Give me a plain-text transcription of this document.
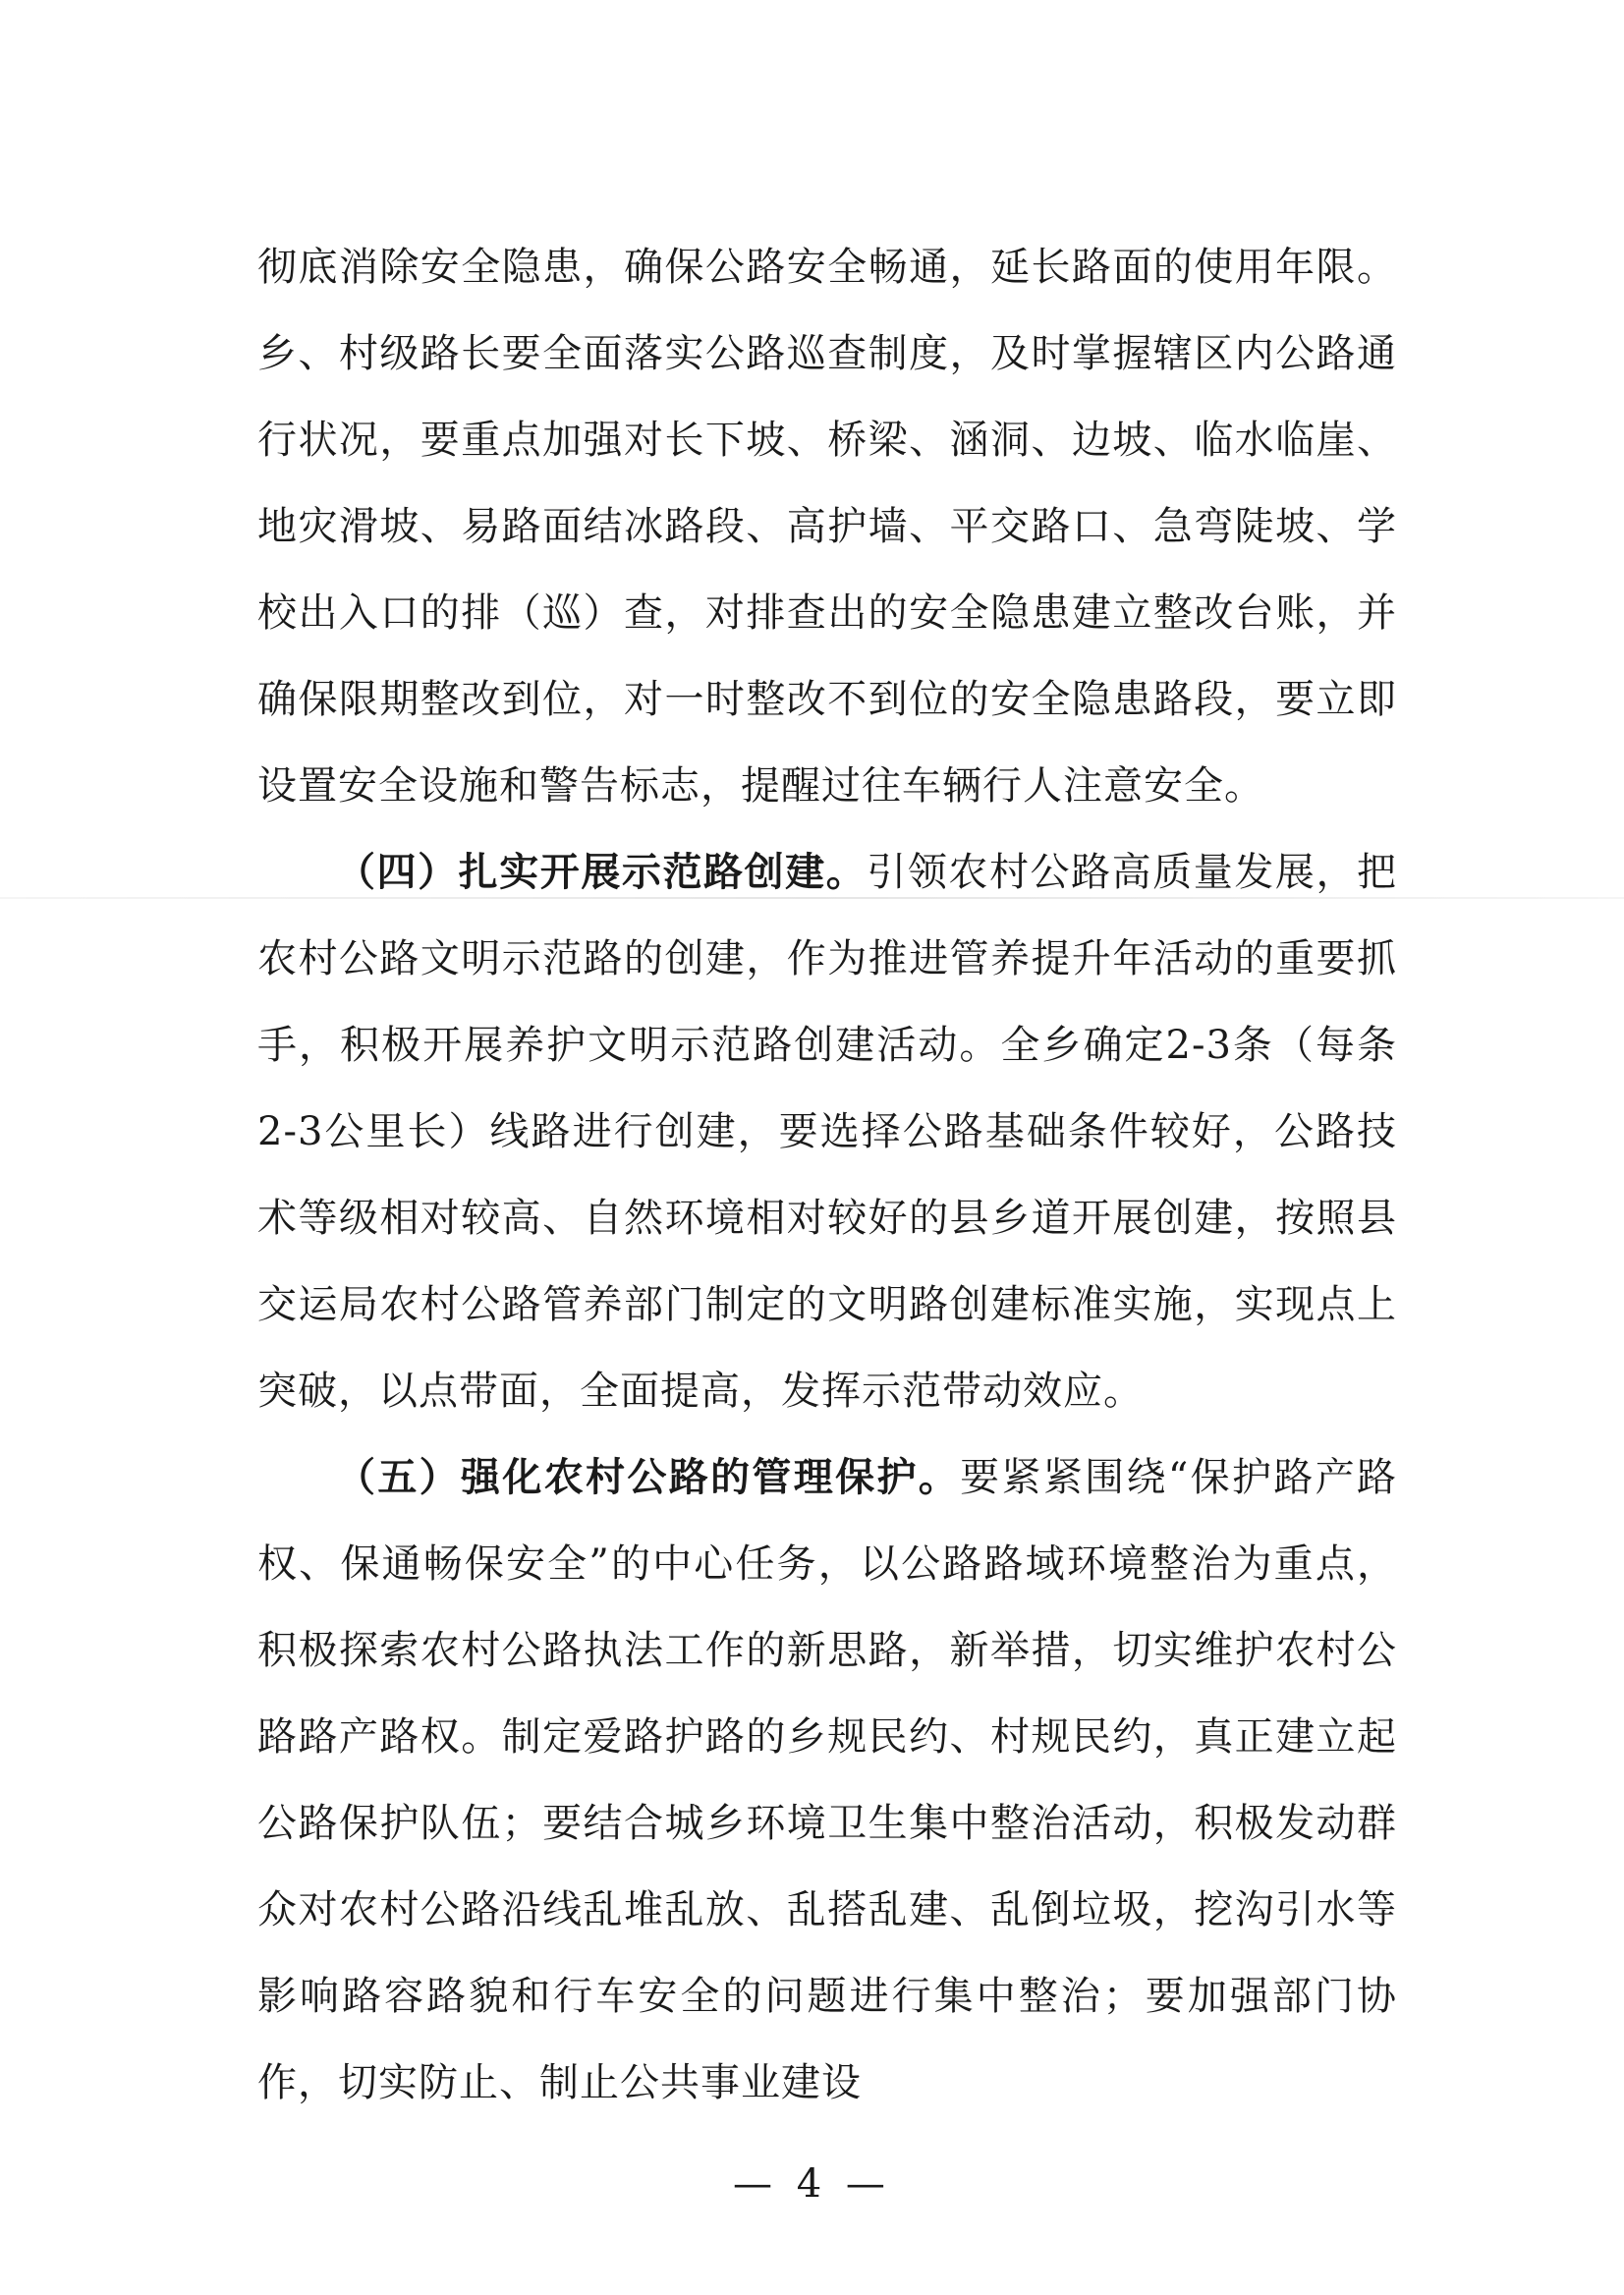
彻底消除安全隐患，确保公路安全畅通，延长路面的使用年限。乡、村级路长要全面落实公路巡查制度，及时掌握辖区内公路通行状况，要重点加强对长下坡、桥梁、涵洞、边坡、临水临崖、地灾滑坡、易路面结冰路段、高护墙、平交路口、急弯陡坡、学校出入口的排（巡）查，对排查出的安全隐患建立整改台账，并确保限期整改到位，对一时整改不到位的安全隐患路段，要立即设置安全设施和警告标志，提醒过往车辆行人注意安全。

（四）扎实开展示范路创建。引领农村公路高质量发展，把农村公路文明示范路的创建，作为推进管养提升年活动的重要抓手，积极开展养护文明示范路创建活动。全乡确定2-3条（每条2-3公里长）线路进行创建，要选择公路基础条件较好，公路技术等级相对较高、自然环境相对较好的县乡道开展创建，按照县交运局农村公路管养部门制定的文明路创建标准实施，实现点上突破，以点带面，全面提高，发挥示范带动效应。

（五）强化农村公路的管理保护。要紧紧围绕“保护路产路权、保通畅保安全”的中心任务，以公路路域环境整治为重点，积极探索农村公路执法工作的新思路，新举措，切实维护农村公路路产路权。制定爱路护路的乡规民约、村规民约，真正建立起公路保护队伍；要结合城乡环境卫生集中整治活动，积极发动群众对农村公路沿线乱堆乱放、乱搭乱建、乱倒垃圾，挖沟引水等影响路容路貌和行车安全的问题进行集中整治；要加强部门协作，切实防止、制止公共事业建设

— 4 —
